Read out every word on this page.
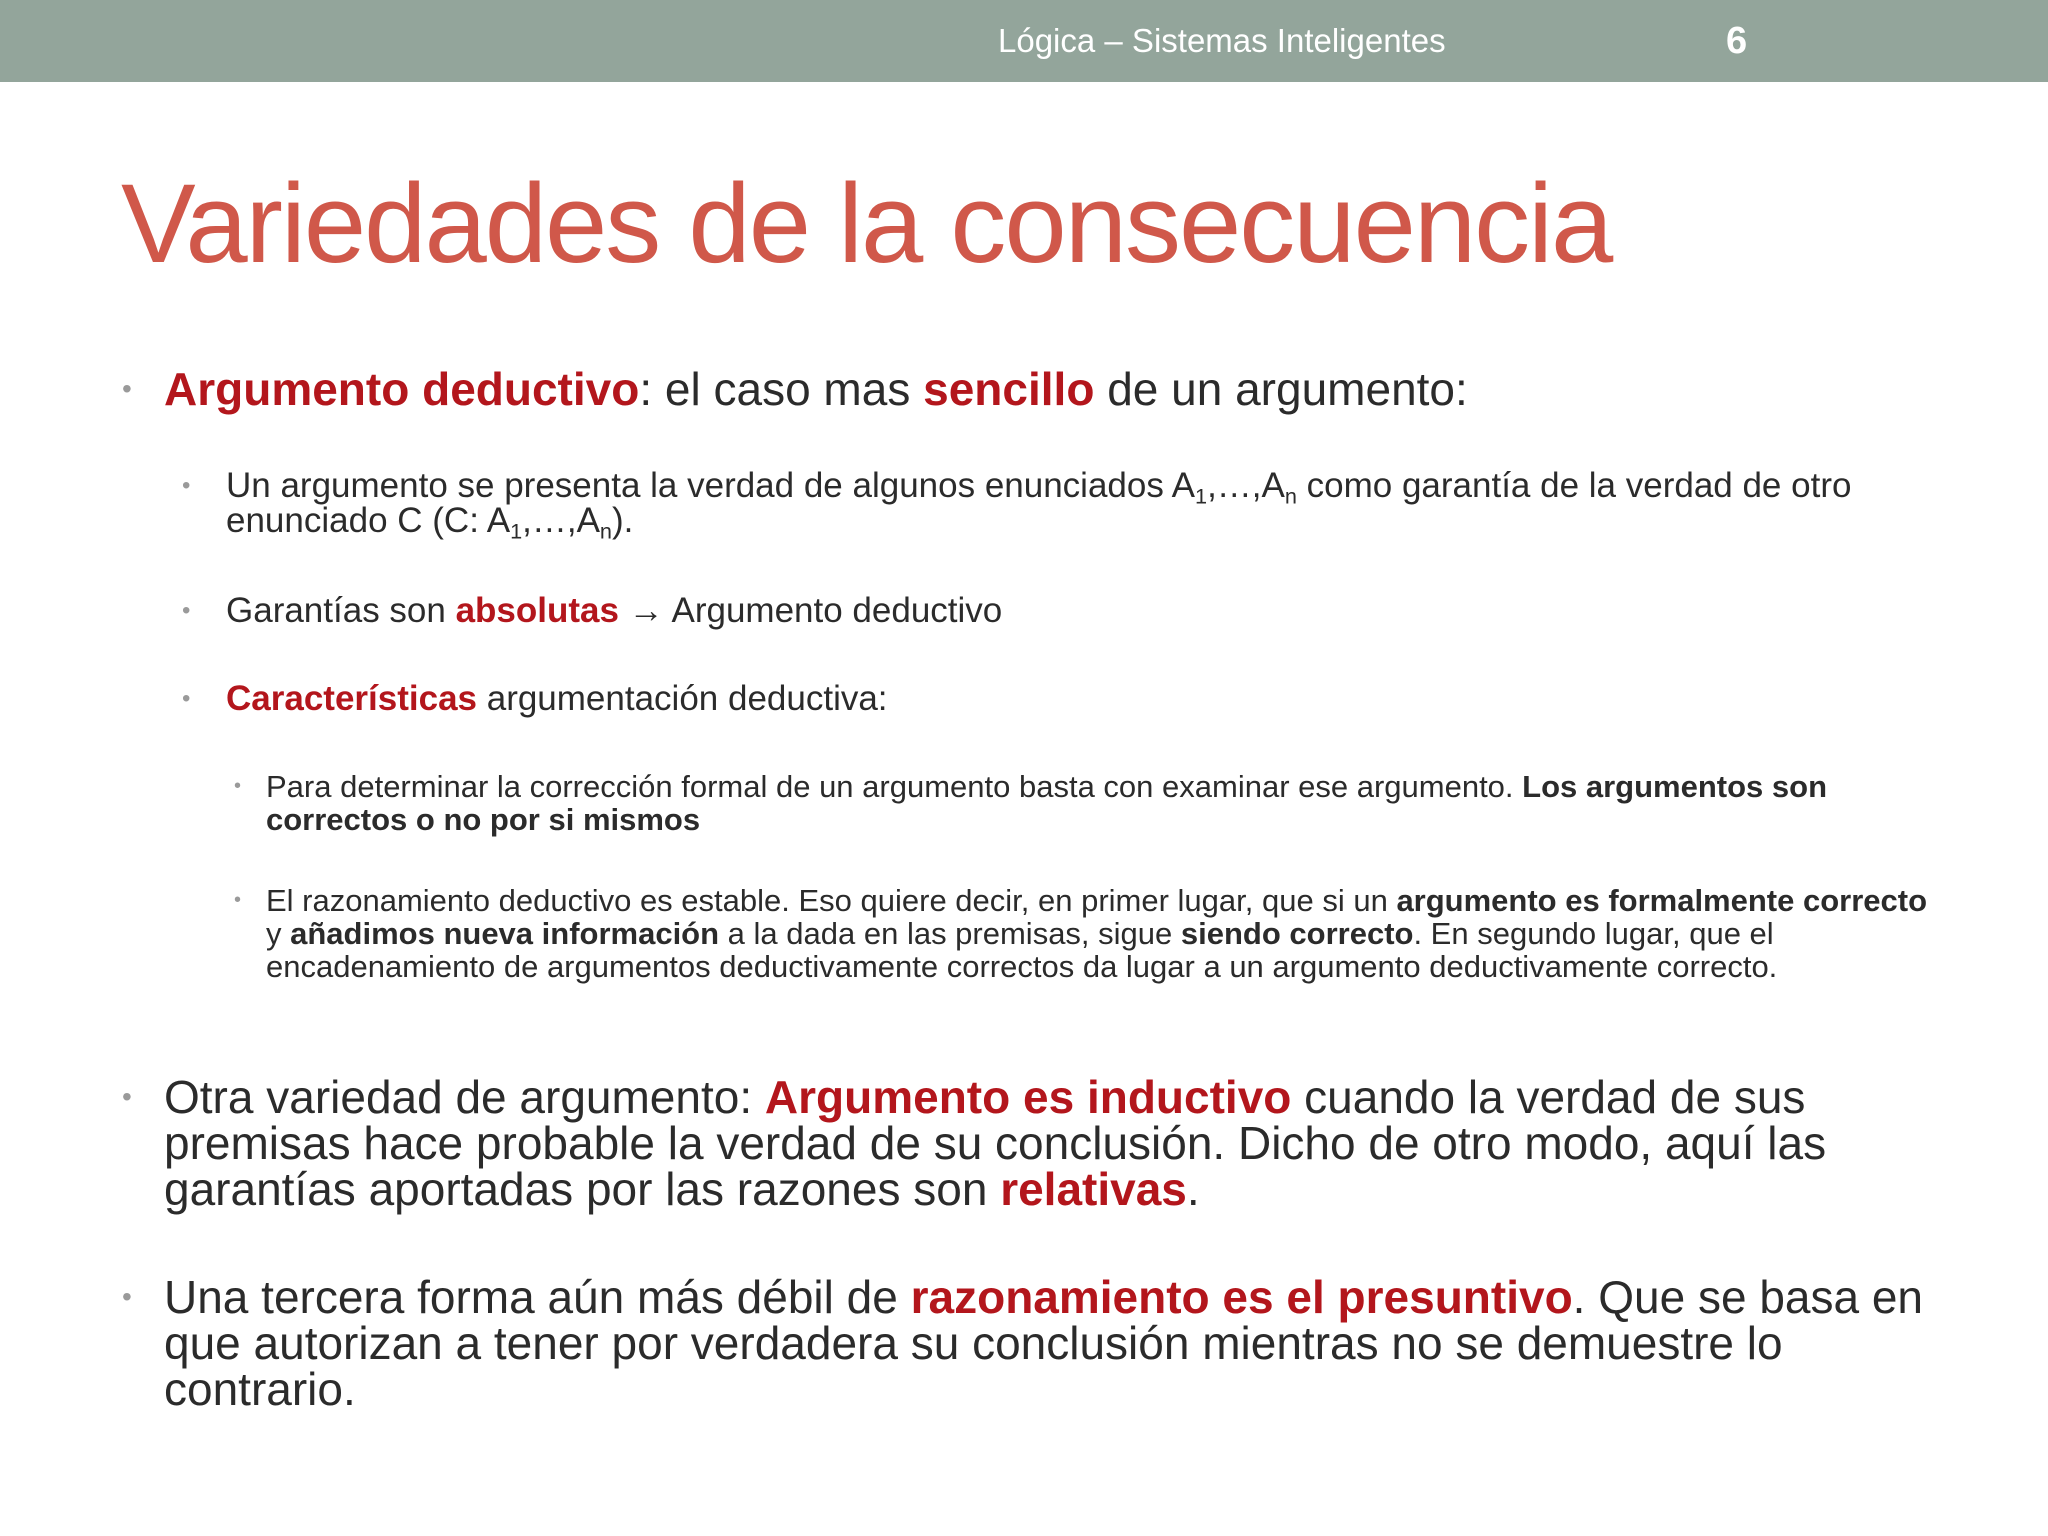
Lógica – Sistemas Inteligentes	6
Variedades de la consecuencia
• Argumento deductivo: el caso mas sencillo de un argumento:
• Un argumento se presenta la verdad de algunos enunciados $A_1,\dots,A_n$ como garantía de la verdad de otro enunciado C (C: $A_1,\dots,A_n$).
• Garantías son absolutas → Argumento deductivo
• Características argumentación deductiva:
• Para determinar la corrección formal de un argumento basta con examinar ese argumento. Los argumentos son correctos o no por si mismos
• El razonamiento deductivo es estable. Eso quiere decir, en primer lugar, que si un argumento es formalmente correcto y añadimos nueva información a la dada en las premisas, sigue siendo correcto. En segundo lugar, que el encadenamiento de argumentos deductivamente correctos da lugar a un argumento deductivamente correcto.
• Otra variedad de argumento: Argumento es inductivo cuando la verdad de sus premisas hace probable la verdad de su conclusión. Dicho de otro modo, aquí las garantías aportadas por las razones son relativas.
• Una tercera forma aún más débil de razonamiento es el presuntivo. Que se basa en que autorizan a tener por verdadera su conclusión mientras no se demuestre lo contrario.
